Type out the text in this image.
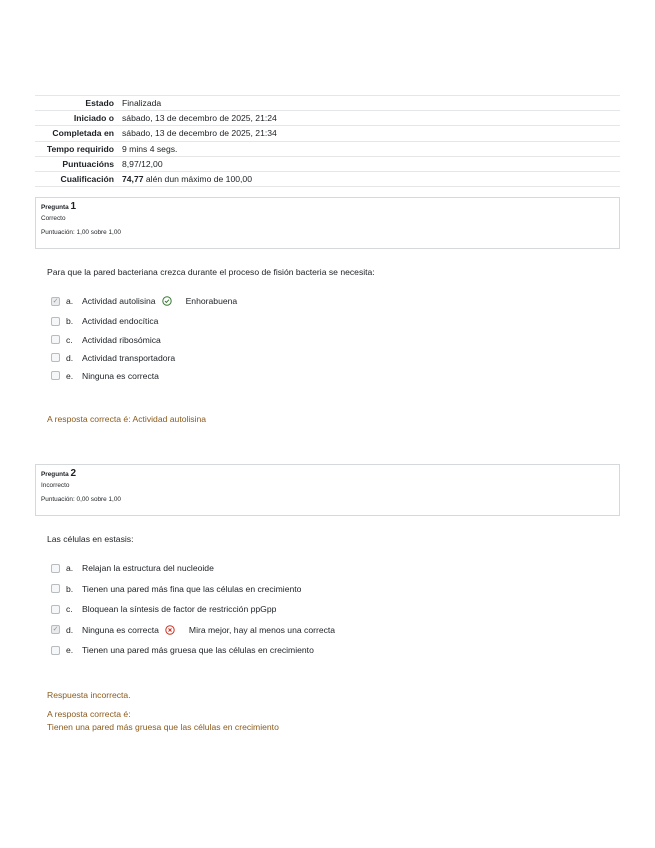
Estado	Finalizada
Iniciado o	sábado, 13 de decembro de 2025, 21:24
Completada en	sábado, 13 de decembro de 2025, 21:34
Tempo requirido	9 mins 4 segs.
Puntuacións	8,97/12,00
Cualificación	74,77 alén dun máximo de 100,00
Pregunta 1
Correcto
Puntuación: 1,00 sobre 1,00
Para que la pared bacteriana crezca durante el proceso de fisión bacteria se necesita:
✓ a.	Actividad autolisina	Enhorabuena
b.	Actividad endocítica
c.	Actividad ribosómica
d.	Actividad transportadora
e.	Ninguna es correcta
A resposta correcta é: Actividad autolisina
Pregunta 2
Incorrecto
Puntuación: 0,00 sobre 1,00
Las células en estasis:
a.	Relajan la estructura del nucleoide
b.	Tienen una pared más fina que las células en crecimiento
c.	Bloquean la síntesis de factor de restricción ppGpp
✓ d.	Ninguna es correcta	Mira mejor, hay al menos una correcta
e.	Tienen una pared más gruesa que las células en crecimiento
Respuesta incorrecta.
A resposta correcta é:
Tienen una pared más gruesa que las células en crecimiento
